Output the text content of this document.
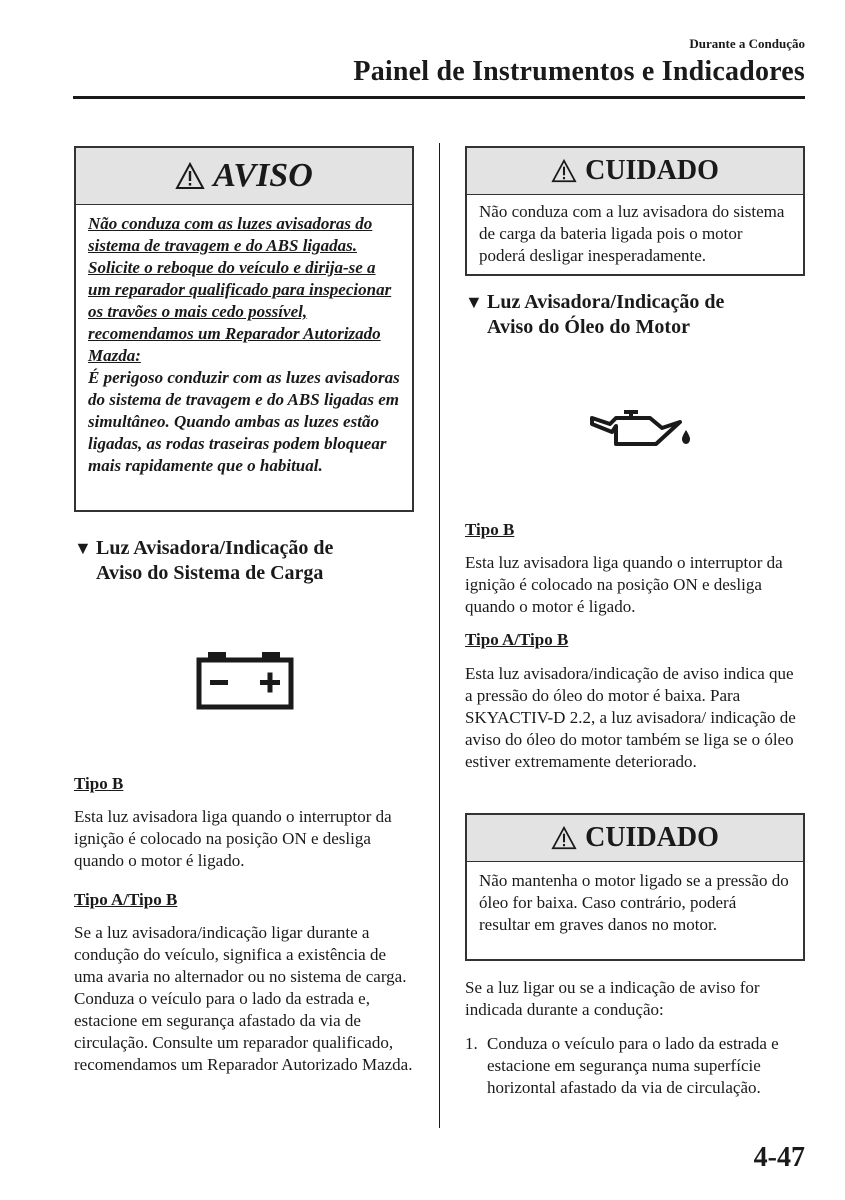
Durante a Condução
Painel de Instrumentos e Indicadores
AVISO
Não conduza com as luzes avisadoras do sistema de travagem e do ABS ligadas. Solicite o reboque do veículo e dirija-se a um reparador qualificado para inspecionar os travões o mais cedo possível, recomendamos um Reparador Autorizado Mazda:
É perigoso conduzir com as luzes avisadoras do sistema de travagem e do ABS ligadas em simultâneo. Quando ambas as luzes estão ligadas, as rodas traseiras podem bloquear mais rapidamente que o habitual.
▼ Luz Avisadora/Indicação de
Aviso do Sistema de Carga
Tipo B
Esta luz avisadora liga quando o interruptor da ignição é colocado na posição ON e desliga quando o motor é ligado.
Tipo A/Tipo B
Se a luz avisadora/indicação ligar durante a condução do veículo, significa a existência de uma avaria no alternador ou no sistema de carga.
Conduza o veículo para o lado da estrada e, estacione em segurança afastado da via de circulação. Consulte um reparador qualificado, recomendamos um Reparador Autorizado Mazda.
CUIDADO
Não conduza com a luz avisadora do sistema de carga da bateria ligada pois o motor poderá desligar inesperadamente.
▼ Luz Avisadora/Indicação de
Aviso do Óleo do Motor
Tipo B
Esta luz avisadora liga quando o interruptor da ignição é colocado na posição ON e desliga quando o motor é ligado.
Tipo A/Tipo B
Esta luz avisadora/indicação de aviso indica que a pressão do óleo do motor é baixa. Para SKYACTIV-D 2.2, a luz avisadora/ indicação de aviso do óleo do motor também se liga se o óleo estiver extremamente deteriorado.
CUIDADO
Não mantenha o motor ligado se a pressão do óleo for baixa. Caso contrário, poderá resultar em graves danos no motor.
Se a luz ligar ou se a indicação de aviso for indicada durante a condução:
1. Conduza o veículo para o lado da estrada e estacione em segurança numa superfície horizontal afastado da via de circulação.
4-47
